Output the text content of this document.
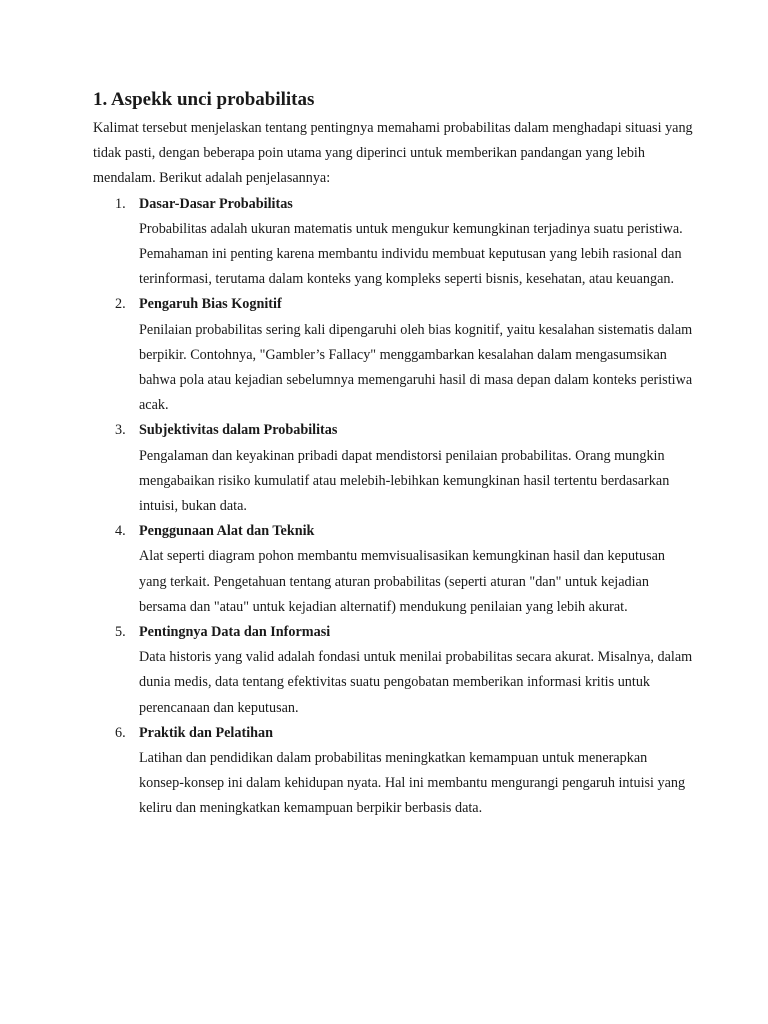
1. Aspekk unci probabilitas

Kalimat tersebut menjelaskan tentang pentingnya memahami probabilitas dalam menghadapi situasi yang tidak pasti, dengan beberapa poin utama yang diperinci untuk memberikan pandangan yang lebih mendalam. Berikut adalah penjelasannya:

1. Dasar-Dasar Probabilitas
Probabilitas adalah ukuran matematis untuk mengukur kemungkinan terjadinya suatu peristiwa. Pemahaman ini penting karena membantu individu membuat keputusan yang lebih rasional dan terinformasi, terutama dalam konteks yang kompleks seperti bisnis, kesehatan, atau keuangan.
2. Pengaruh Bias Kognitif
Penilaian probabilitas sering kali dipengaruhi oleh bias kognitif, yaitu kesalahan sistematis dalam berpikir. Contohnya, "Gambler’s Fallacy" menggambarkan kesalahan dalam mengasumsikan bahwa pola atau kejadian sebelumnya memengaruhi hasil di masa depan dalam konteks peristiwa acak.
3. Subjektivitas dalam Probabilitas
Pengalaman dan keyakinan pribadi dapat mendistorsi penilaian probabilitas. Orang mungkin mengabaikan risiko kumulatif atau melebih-lebihkan kemungkinan hasil tertentu berdasarkan intuisi, bukan data.
4. Penggunaan Alat dan Teknik
Alat seperti diagram pohon membantu memvisualisasikan kemungkinan hasil dan keputusan yang terkait. Pengetahuan tentang aturan probabilitas (seperti aturan "dan" untuk kejadian bersama dan "atau" untuk kejadian alternatif) mendukung penilaian yang lebih akurat.
5. Pentingnya Data dan Informasi
Data historis yang valid adalah fondasi untuk menilai probabilitas secara akurat. Misalnya, dalam dunia medis, data tentang efektivitas suatu pengobatan memberikan informasi kritis untuk perencanaan dan keputusan.
6. Praktik dan Pelatihan
Latihan dan pendidikan dalam probabilitas meningkatkan kemampuan untuk menerapkan konsep-konsep ini dalam kehidupan nyata. Hal ini membantu mengurangi pengaruh intuisi yang keliru dan meningkatkan kemampuan berpikir berbasis data.
